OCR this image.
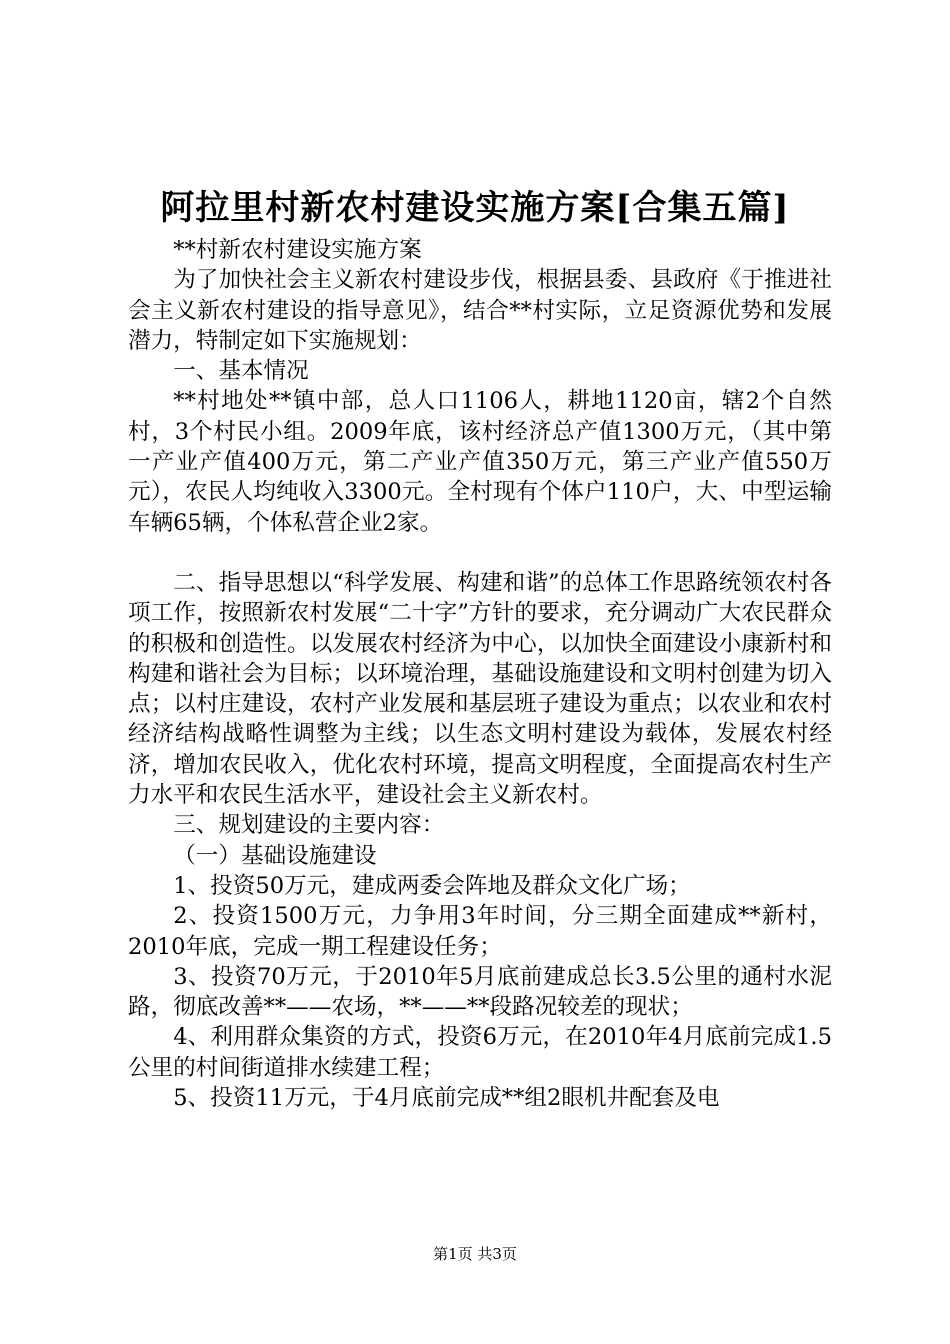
阿拉里村新农村建设实施方案[合集五篇]

**村新农村建设实施方案

为了加快社会主义新农村建设步伐，根据县委、县政府《于推进社会主义新农村建设的指导意见》，结合**村实际，立足资源优势和发展潜力，特制定如下实施规划：

一、基本情况

**村地处**镇中部，总人口1106人，耕地1120亩，辖2个自然村，3个村民小组。2009年底，该村经济总产值1300万元，（其中第一产业产值400万元，第二产业产值350万元，第三产业产值550万元），农民人均纯收入3300元。全村现有个体户110户，大、中型运输车辆65辆，个体私营企业2家。

二、指导思想以“科学发展、构建和谐”的总体工作思路统领农村各项工作，按照新农村发展“二十字”方针的要求，充分调动广大农民群众的积极和创造性。以发展农村经济为中心，以加快全面建设小康新村和构建和谐社会为目标；以环境治理，基础设施建设和文明村创建为切入点；以村庄建设，农村产业发展和基层班子建设为重点；以农业和农村经济结构战略性调整为主线；以生态文明村建设为载体，发展农村经济，增加农民收入，优化农村环境，提高文明程度，全面提高农村生产力水平和农民生活水平，建设社会主义新农村。

三、规划建设的主要内容：

（一）基础设施建设

1、投资50万元，建成两委会阵地及群众文化广场；

2、投资1500万元，力争用3年时间，分三期全面建成**新村，2010年底，完成一期工程建设任务；

3、投资70万元，于2010年5月底前建成总长3.5公里的通村水泥路，彻底改善**——农场，**——**段路况较差的现状；

4、利用群众集资的方式，投资6万元，在2010年4月底前完成1.5公里的村间街道排水续建工程；

5、投资11万元，于4月底前完成**组2眼机井配套及电

第1页 共3页
